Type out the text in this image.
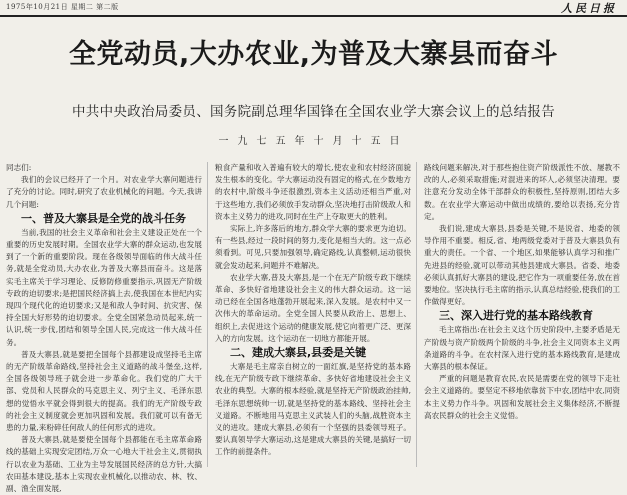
1975年10月21日 星期二 第二版	人民日报
全党动员,大办农业,为普及大寨县而奋斗
中共中央政治局委员、国务院副总理华国锋在全国农业学大寨会议上的总结报告
一九七五年十月十五日

同志们:

我们的会议已经开了一个月。对农业学大寨问题进行了充分的讨论。同时,研究了农业机械化的问题。今天,我讲几个问题:

一、普及大寨县是全党的战斗任务

当前,我国的社会主义革命和社会主义建设正处在一个重要的历史发展时期。全国农业学大寨的群众运动,也发展到了一个新的重要阶段。现在各级领导面临的伟大战斗任务,就是全党动员,大办农业,为普及大寨县而奋斗。这是落实毛主席关于学习理论、反修防修重要指示,巩固无产阶级专政的迫切要求;是把国民经济搞上去,使我国在本世纪内实现四个现代化的迫切要求;又是和敌人争时间、抗灾害、保持全国大好形势的迫切要求。全党全国紧急动员起来,统一认识,统一步伐,团结和领导全国人民,完成这一伟大战斗任务。

普及大寨县,就是要把全国每个县都建设成坚持毛主席的无产阶级革命路线,坚持社会主义道路的战斗堡垒,这样,全国各级领导班子就会进一步革命化。我们党的广大干部、党员和人民群众的马克思主义、列宁主义、毛泽东思想的觉悟水平就会得到很大的提高。我们的无产阶级专政的社会主义制度就会更加巩固和发展。我们就可以有备无患的力量,来粉碎任何敌人的任何形式的进攻。

普及大寨县,就是要使全国每个县都能在毛主席革命路线的基础上实现安定团结,万众一心地大干社会主义,贯彻执行以农业为基础、工业为主导发展国民经济的总方针,大搞农田基本建设,基本上实现农业机械化,以推动农、林、牧、副、渔全面发展,

粮食产量和收入普遍有较大的增长,使农业和农村经济面貌发生根本的变化。学大寨运动没有固定的格式,在少数地方的农村中,阶级斗争还很激烈,资本主义活动还相当严重,对于这些地方,我们必须放手发动群众,坚决地打击阶级敌人和资本主义势力的进攻,同时在生产上夺取更大的胜利。

实际上,许多落后的地方,群众学大寨的要求更为迫切。有一些县,经过一段时间的努力,变化是相当大的。这一点必须看到。可见,只要加强领导,确定路线,认真整顿,运动很快就会发动起来,问题并不难解决。

农业学大寨,普及大寨县,是一个在无产阶级专政下继续革命、多快好省地建设社会主义的伟大群众运动。这一运动已经在全国各地蓬勃开展起来,深入发展。是农村中又一次伟大的革命运动。全党全国人民要从政治上、思想上、组织上,去促进这个运动的健康发展,使它向着更广泛、更深入的方向发展。这个运动在一切地方都能开展。

二、建成大寨县,县委是关键

大寨是毛主席亲自树立的一面红旗,是坚持党的基本路线,在无产阶级专政下继续革命、多快好省地建设社会主义农业的典型。大寨的根本经验,就是坚持无产阶级政治挂帅,毛泽东思想统帅一切,就是坚持党的基本路线、坚持社会主义道路。不断地用马克思主义武装人们的头脑,战胜资本主义的进攻。建成大寨县,必须有一个坚强的县委领导班子。要认真领导学大寨运动,这是建成大寨县的关键,是搞好一切工作的前提条件。

路线问题来解决,对于那些抱住资产阶级派性不放、屡教不改的人,必须采取措施;对混进来的坏人,必须坚决清理。要注意充分发动全体干部群众的积极性,坚持原则,团结大多数。在农业学大寨运动中做出成绩的,要给以表扬,充分肯定。

我们说,建成大寨县,县委是关键,不是说省、地委的领导作用不重要。相反,省、地两级党委对于普及大寨县负有重大的责任。一个省、一个地区,如果能够认真学习和推广先进县的经验,就可以带动其他县建成大寨县。省委、地委必须认真抓好大寨县的建设,把它作为一项重要任务,放在首要地位。坚决执行毛主席的指示,认真总结经验,使我们的工作做得更好。

三、深入进行党的基本路线教育

毛主席指出:在社会主义这个历史阶段中,主要矛盾是无产阶级与资产阶级两个阶级的斗争,社会主义同资本主义两条道路的斗争。在农村深入进行党的基本路线教育,是建成大寨县的根本保证。

严重的问题是教育农民,农民是需要在党的领导下走社会主义道路的。要坚定不移地依靠贫下中农,团结中农,同资本主义势力作斗争。巩固和发展社会主义集体经济,不断提高农民群众的社会主义觉悟。
